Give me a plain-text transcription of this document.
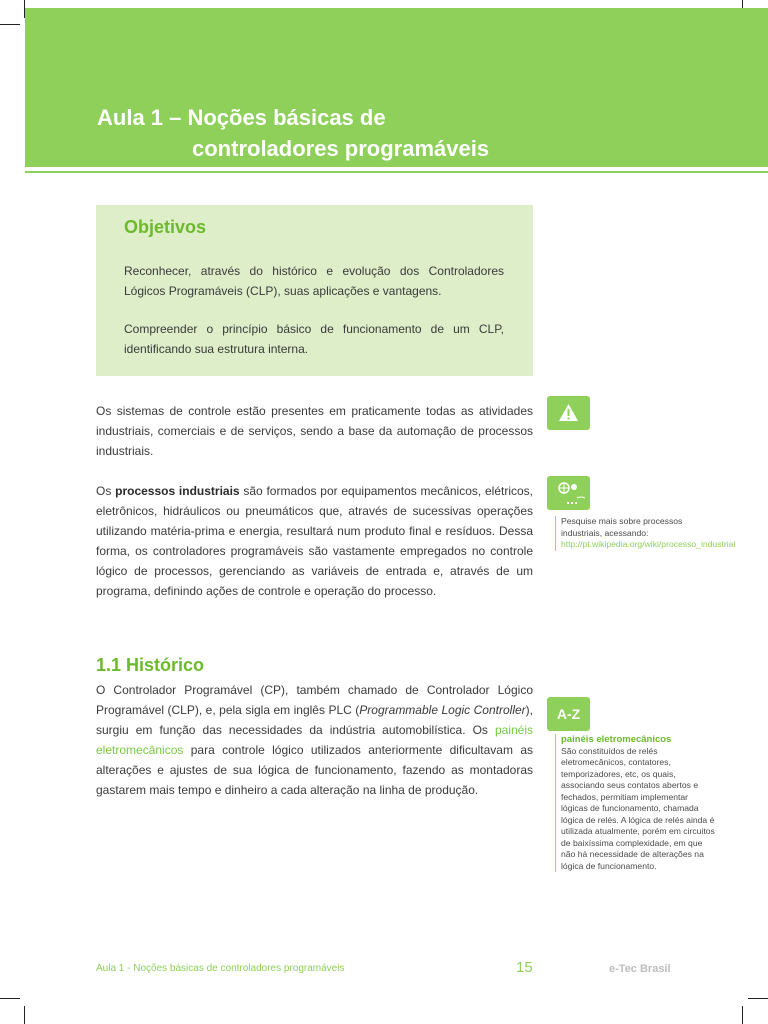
Aula 1 – Noções básicas de
controladores programáveis
Objetivos

Reconhecer, através do histórico e evolução dos Controladores Lógicos Programáveis (CLP), suas aplicações e vantagens.

Compreender o princípio básico de funcionamento de um CLP, identificando sua estrutura interna.

Os sistemas de controle estão presentes em praticamente todas as atividades industriais, comerciais e de serviços, sendo a base da automação de processos industriais.

Os processos industriais são formados por equipamentos mecânicos, elétricos, eletrônicos, hidráulicos ou pneumáticos que, através de sucessivas operações utilizando matéria-prima e energia, resultará num produto final e resíduos. Dessa forma, os controladores programáveis são vastamente empregados no controle lógico de processos, gerenciando as variáveis de entrada e, através de um programa, definindo ações de controle e operação do processo.

1.1 Histórico

O Controlador Programável (CP), também chamado de Controlador Lógico Programável (CLP), e, pela sigla em inglês PLC (Programmable Logic Controller), surgiu em função das necessidades da indústria automobilística. Os painéis eletromecânicos para controle lógico utilizados anteriormente dificultavam as alterações e ajustes de sua lógica de funcionamento, fazendo as montadoras gastarem mais tempo e dinheiro a cada alteração na linha de produção.

Pesquise mais sobre processos industriais, acessando:
http://pt.wikipedia.org/wiki/processo_industrial
A-Z
painéis eletromecânicos
São constituídos de relés eletromecânicos, contatores, temporizadores, etc, os quais, associando seus contatos abertos e fechados, permitiam implementar lógicas de funcionamento, chamada lógica de relés. A lógica de relés ainda é utilizada atualmente, porém em circuitos de baixíssima complexidade, em que não há necessidade de alterações na lógica de funcionamento.
Aula 1 - Noções básicas de controladores programáveis	15	e-Tec Brasil
